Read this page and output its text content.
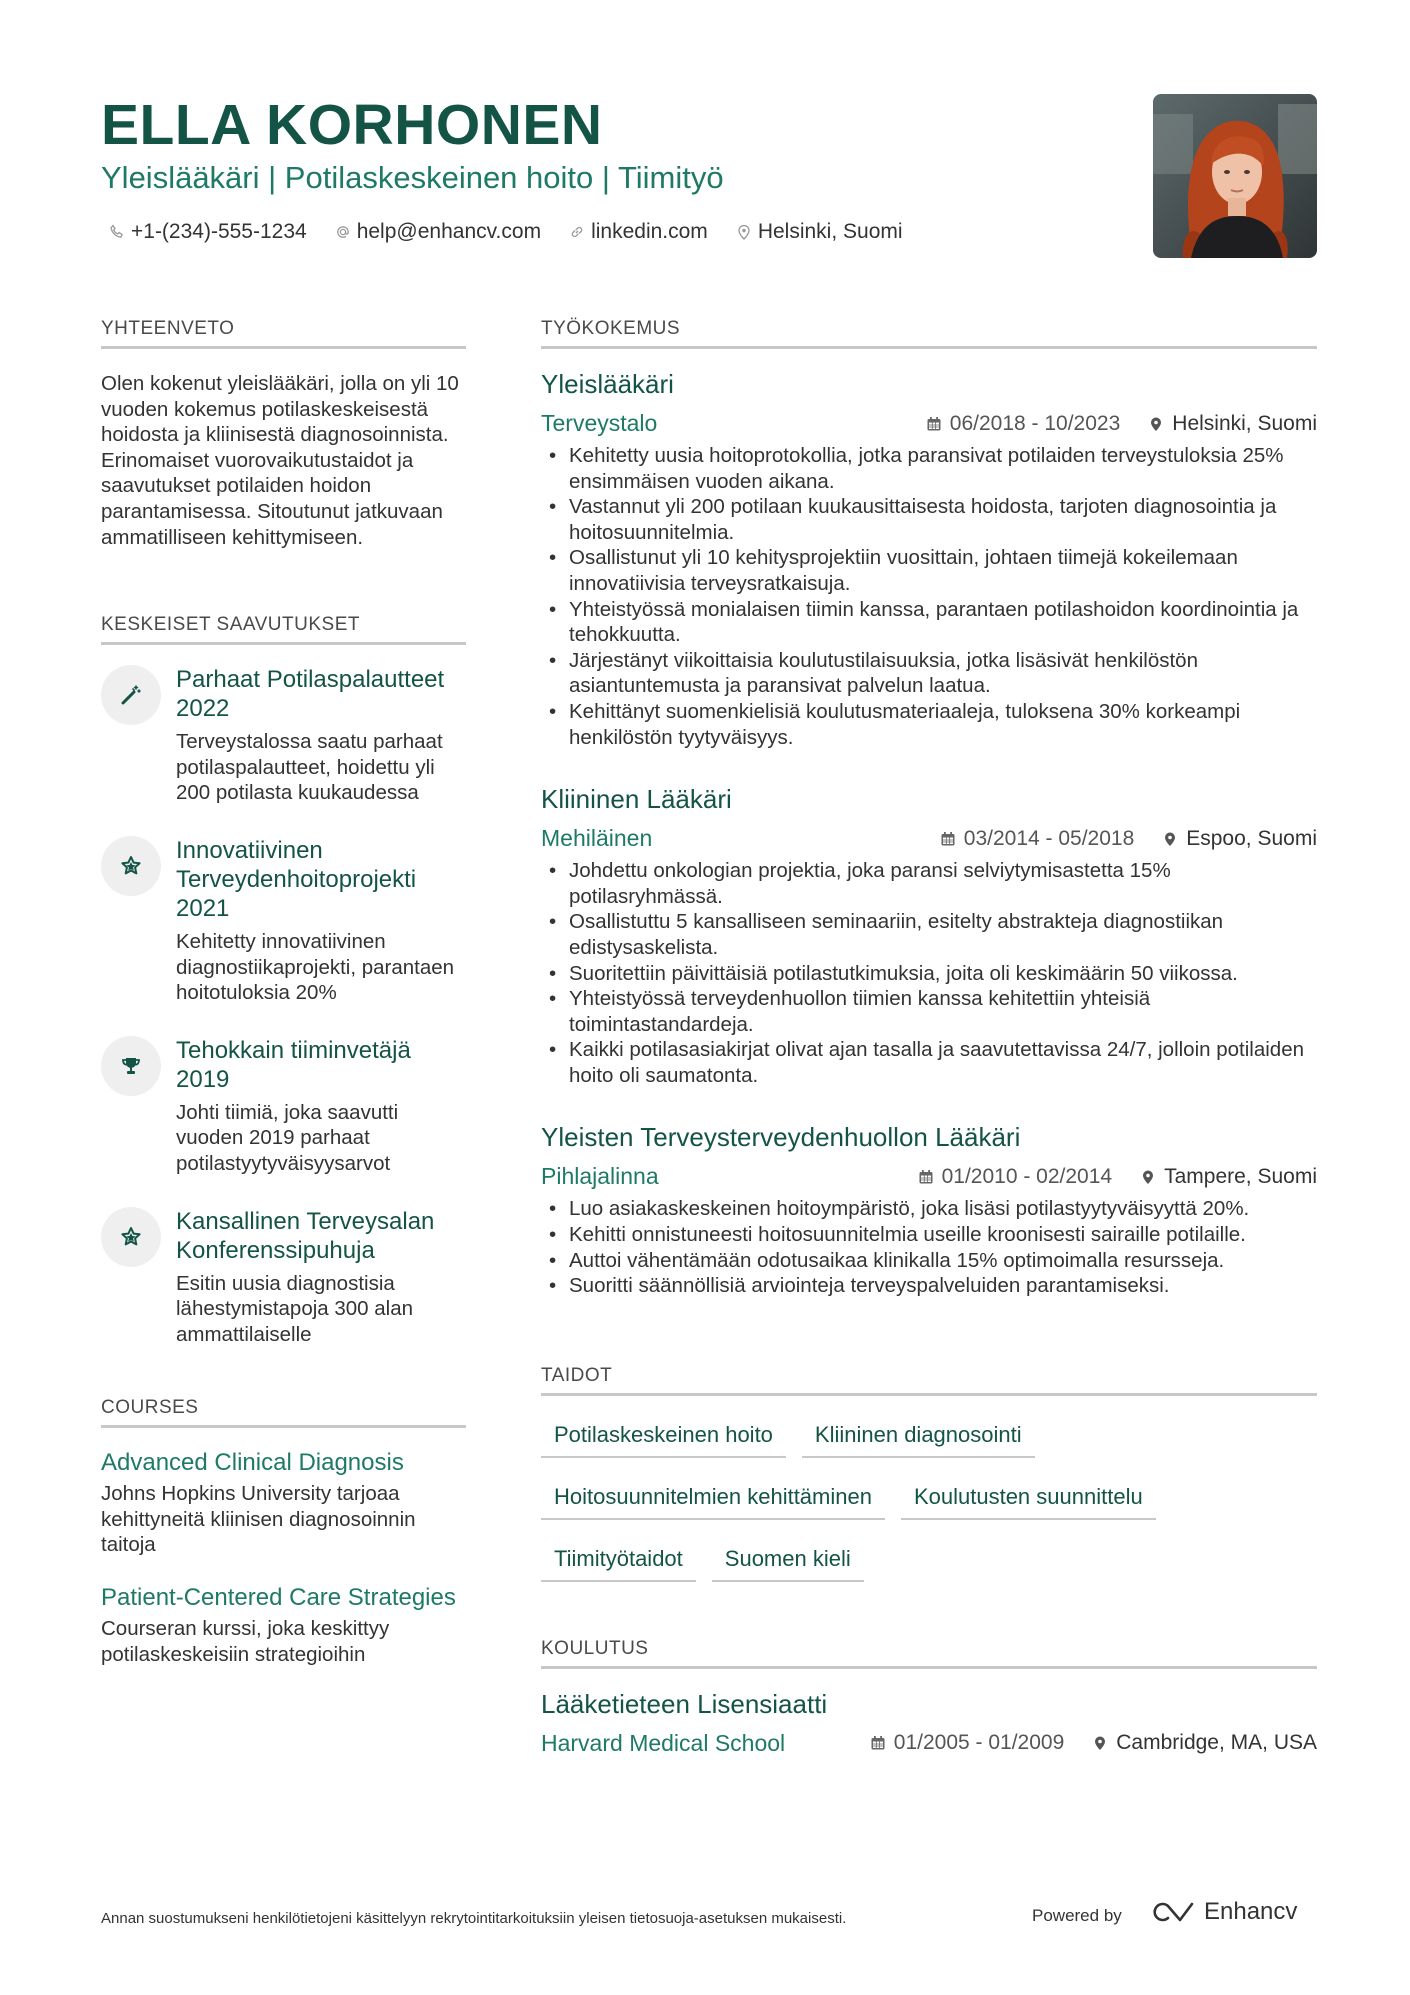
ELLA KORHONEN
Yleislääkäri | Potilaskeskeinen hoito | Tiimityö
+1-(234)-555-1234 help@enhancv.com linkedin.com Helsinki, Suomi
YHTEENVETO
Olen kokenut yleislääkäri, jolla on yli 10 vuoden kokemus potilaskeskeisestä hoidosta ja kliinisestä diagnosoinnista. Erinomaiset vuorovaikutustaidot ja saavutukset potilaiden hoidon parantamisessa. Sitoutunut jatkuvaan ammatilliseen kehittymiseen.
KESKEISET SAAVUTUKSET
Parhaat Potilaspalautteet 2022
Terveystalossa saatu parhaat potilaspalautteet, hoidettu yli 200 potilasta kuukaudessa
Innovatiivinen Terveydenhoitoprojekti 2021
Kehitetty innovatiivinen diagnostiikaprojekti, parantaen hoitotuloksia 20%
Tehokkain tiiminvetäjä 2019
Johti tiimiä, joka saavutti vuoden 2019 parhaat potilastyytyväisyysarvot
Kansallinen Terveysalan Konferenssipuhuja
Esitin uusia diagnostisia lähestymistapoja 300 alan ammattilaiselle
COURSES
Advanced Clinical Diagnosis
Johns Hopkins University tarjoaa kehittyneitä kliinisen diagnosoinnin taitoja
Patient-Centered Care Strategies
Courseran kurssi, joka keskittyy potilaskeskeisiin strategioihin
TYÖKOKEMUS
Yleislääkäri
Terveystalo	06/2018 - 10/2023 Helsinki, Suomi
• Kehitetty uusia hoitoprotokollia, jotka paransivat potilaiden terveystuloksia 25% ensimmäisen vuoden aikana.
• Vastannut yli 200 potilaan kuukausittaisesta hoidosta, tarjoten diagnosointia ja hoitosuunnitelmia.
• Osallistunut yli 10 kehitysprojektiin vuosittain, johtaen tiimejä kokeilemaan innovatiivisia terveysratkaisuja.
• Yhteistyössä monialaisen tiimin kanssa, parantaen potilashoidon koordinointia ja tehokkuutta.
• Järjestänyt viikoittaisia koulutustilaisuuksia, jotka lisäsivät henkilöstön asiantuntemusta ja paransivat palvelun laatua.
• Kehittänyt suomenkielisiä koulutusmateriaaleja, tuloksena 30% korkeampi henkilöstön tyytyväisyys.
Kliininen Lääkäri
Mehiläinen	03/2014 - 05/2018 Espoo, Suomi
• Johdettu onkologian projektia, joka paransi selviytymisastetta 15% potilasryhmässä.
• Osallistuttu 5 kansalliseen seminaariin, esitelty abstrakteja diagnostiikan edistysaskelista.
• Suoritettiin päivittäisiä potilastutkimuksia, joita oli keskimäärin 50 viikossa.
• Yhteistyössä terveydenhuollon tiimien kanssa kehitettiin yhteisiä toimintastandardeja.
• Kaikki potilasasiakirjat olivat ajan tasalla ja saavutettavissa 24/7, jolloin potilaiden hoito oli saumatonta.
Yleisten Terveysterveydenhuollon Lääkäri
Pihlajalinna	01/2010 - 02/2014 Tampere, Suomi
• Luo asiakaskeskeinen hoitoympäristö, joka lisäsi potilastyytyväisyyttä 20%.
• Kehitti onnistuneesti hoitosuunnitelmia useille kroonisesti sairaille potilaille.
• Auttoi vähentämään odotusaikaa klinikalla 15% optimoimalla resursseja.
• Suoritti säännöllisiä arviointeja terveyspalveluiden parantamiseksi.
TAIDOT
Potilaskeskeinen hoito	Kliininen diagnosointi
Hoitosuunnitelmien kehittäminen	Koulutusten suunnittelu
Tiimityötaidot	Suomen kieli
KOULUTUS
Lääketieteen Lisensiaatti
Harvard Medical School	01/2005 - 01/2009 Cambridge, MA, USA
Annan suostumukseni henkilötietojeni käsittelyyn rekrytointitarkoituksiin yleisen tietosuoja-asetuksen mukaisesti.	Powered by	Enhancv
